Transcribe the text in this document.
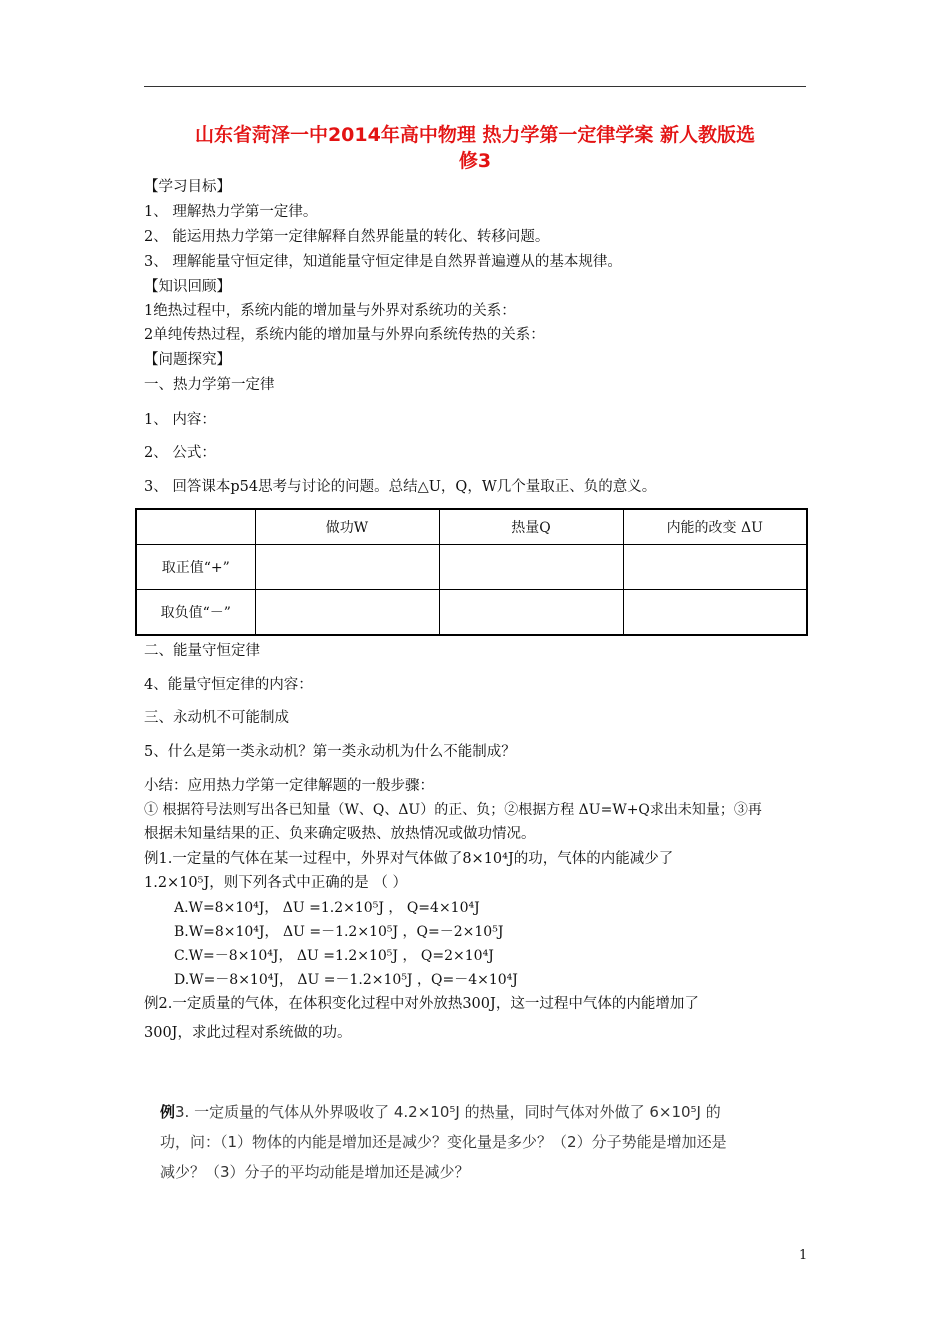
山东省菏泽一中2014年高中物理 热力学第一定律学案 新人教版选
修3
【学习目标】
1、 理解热力学第一定律。
2、 能运用热力学第一定律解释自然界能量的转化、转移问题。
3、 理解能量守恒定律，知道能量守恒定律是自然界普遍遵从的基本规律。
【知识回顾】
1绝热过程中，系统内能的增加量与外界对系统功的关系：
2单纯传热过程，系统内能的增加量与外界向系统传热的关系：
【问题探究】
一、热力学第一定律
1、 内容：
2、 公式：
3、 回答课本p54思考与讨论的问题。总结△U，Q，W几个量取正、负的意义。
	做功W	热量Q	内能的改变 ΔU
取正值“+”			
取负值“－”			
二、能量守恒定律
4、能量守恒定律的内容：
三、永动机不可能制成
5、什么是第一类永动机？第一类永动机为什么不能制成？
小结：应用热力学第一定律解题的一般步骤：
① 根据符号法则写出各已知量（W、Q、ΔU）的正、负；②根据方程 ΔU=W+Q求出未知量；③再
根据未知量结果的正、负来确定吸热、放热情况或做功情况。
例1.一定量的气体在某一过程中，外界对气体做了8×10⁴J的功，气体的内能减少了
1.2×10⁵J，则下列各式中正确的是 （ ）
A.W=8×10⁴J， ΔU =1.2×10⁵J ， Q=4×10⁴J
B.W=8×10⁴J， ΔU =－1.2×10⁵J ，Q=－2×10⁵J
C.W=－8×10⁴J， ΔU =1.2×10⁵J ， Q=2×10⁴J
D.W=－8×10⁴J， ΔU =－1.2×10⁵J ，Q=－4×10⁴J
例2.一定质量的气体，在体积变化过程中对外放热300J，这一过程中气体的内能增加了
300J，求此过程对系统做的功。
例3. 一定质量的气体从外界吸收了 4.2×10⁵J 的热量，同时气体对外做了 6×10⁵J 的
功，问：（1）物体的内能是增加还是减少？变化量是多少？（2）分子势能是增加还是
减少？（3）分子的平均动能是增加还是减少？
1
